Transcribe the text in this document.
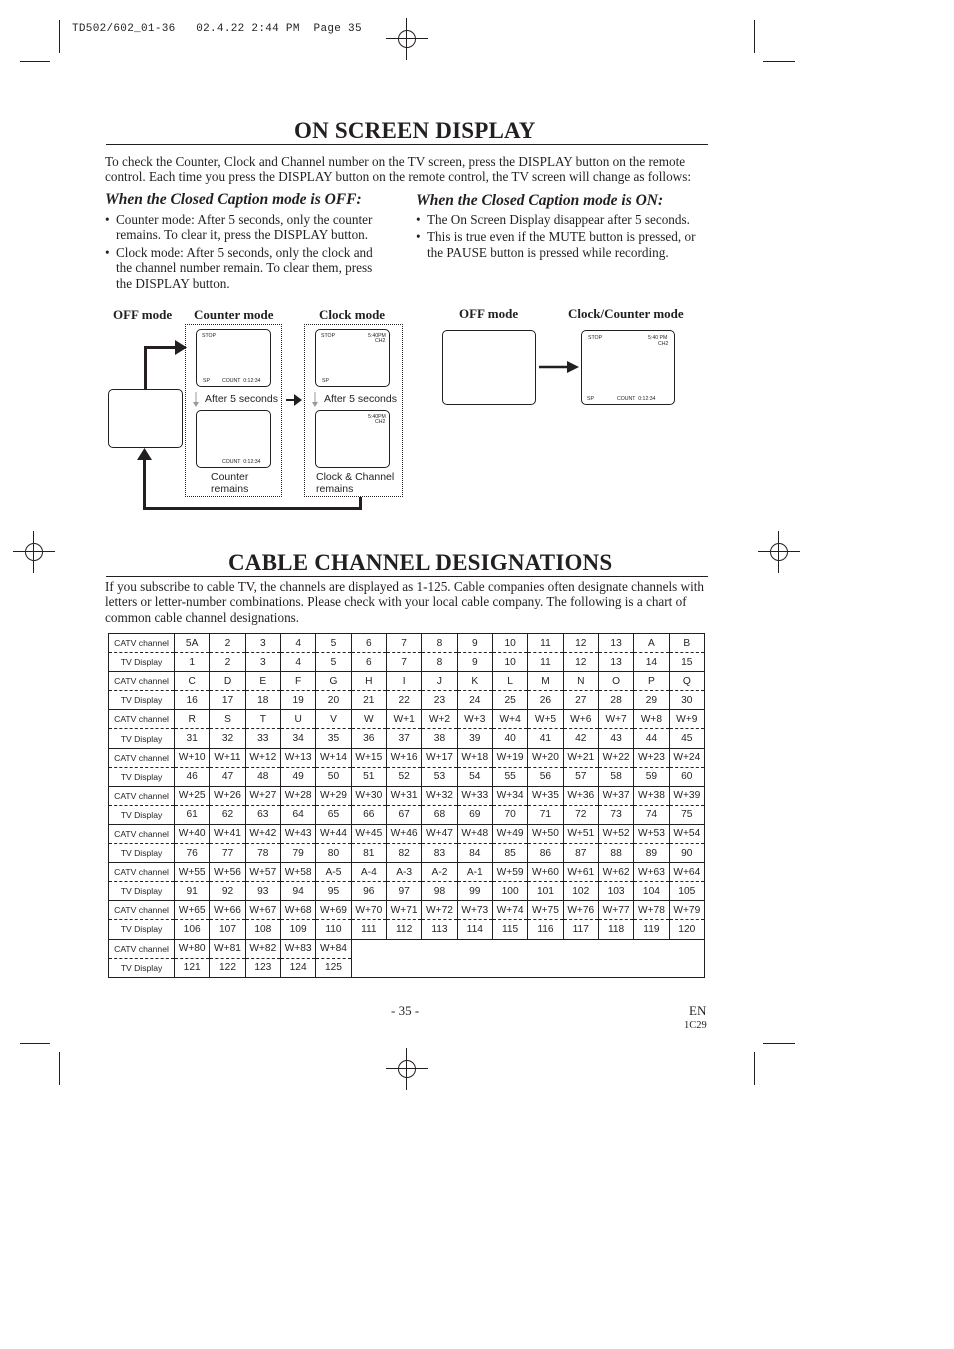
TD502/602_01-36   02.4.22 2:44 PM  Page 35
ON SCREEN DISPLAY

To check the Counter, Clock and Channel number on the TV screen, press the DISPLAY button on the remote control. Each time you press the DISPLAY button on the remote control, the TV screen will change as follows:

When the Closed Caption mode is OFF:
• Counter mode: After 5 seconds, only the counter remains. To clear it, press the DISPLAY button.
• Clock mode: After 5 seconds, only the clock and the channel number remain. To clear them, press the DISPLAY button.
When the Closed Caption mode is ON:
• The On Screen Display disappear after 5 seconds.
• This is true even if the MUTE button is pressed, or the PAUSE button is pressed while recording.
OFF mode Counter mode	Clock mode
STOP
SP COUNT  0:12:34
After 5 seconds
COUNT  0:12:34
Counter
remains
STOP	5:40PM
CH2
SP
After 5 seconds
5:40PM
CH2
Clock & Channel
remains
OFF mode	Clock/Counter mode
STOP	5:40 PM
CH2
SP	COUNT  0:12:34
CABLE CHANNEL DESIGNATIONS

If you subscribe to cable TV, the channels are displayed as 1-125. Cable companies often designate channels with letters or letter-number combinations. Please check with your local cable company. The following is a chart of common cable channel designations.

CATV channel	5A	2	3	4	5	6	7	8	9	10	11	12	13	A	B
TV Display	1	2	3	4	5	6	7	8	9	10	11	12	13	14	15
CATV channel	C	D	E	F	G	H	I	J	K	L	M	N	O	P	Q
TV Display	16	17	18	19	20	21	22	23	24	25	26	27	28	29	30
CATV channel	R	S	T	U	V	W	W+1	W+2	W+3	W+4	W+5	W+6	W+7	W+8	W+9
TV Display	31	32	33	34	35	36	37	38	39	40	41	42	43	44	45
CATV channel	W+10	W+11	W+12	W+13	W+14	W+15	W+16	W+17	W+18	W+19	W+20	W+21	W+22	W+23	W+24
TV Display	46	47	48	49	50	51	52	53	54	55	56	57	58	59	60
CATV channel	W+25	W+26	W+27	W+28	W+29	W+30	W+31	W+32	W+33	W+34	W+35	W+36	W+37	W+38	W+39
TV Display	61	62	63	64	65	66	67	68	69	70	71	72	73	74	75
CATV channel	W+40	W+41	W+42	W+43	W+44	W+45	W+46	W+47	W+48	W+49	W+50	W+51	W+52	W+53	W+54
TV Display	76	77	78	79	80	81	82	83	84	85	86	87	88	89	90
CATV channel	W+55	W+56	W+57	W+58	A-5	A-4	A-3	A-2	A-1	W+59	W+60	W+61	W+62	W+63	W+64
TV Display	91	92	93	94	95	96	97	98	99	100	101	102	103	104	105
CATV channel	W+65	W+66	W+67	W+68	W+69	W+70	W+71	W+72	W+73	W+74	W+75	W+76	W+77	W+78	W+79
TV Display	106	107	108	109	110	111	112	113	114	115	116	117	118	119	120
CATV channel	W+80	W+81	W+82	W+83	W+84										
TV Display	121	122	123	124	125										
- 35 -	EN
1C29
